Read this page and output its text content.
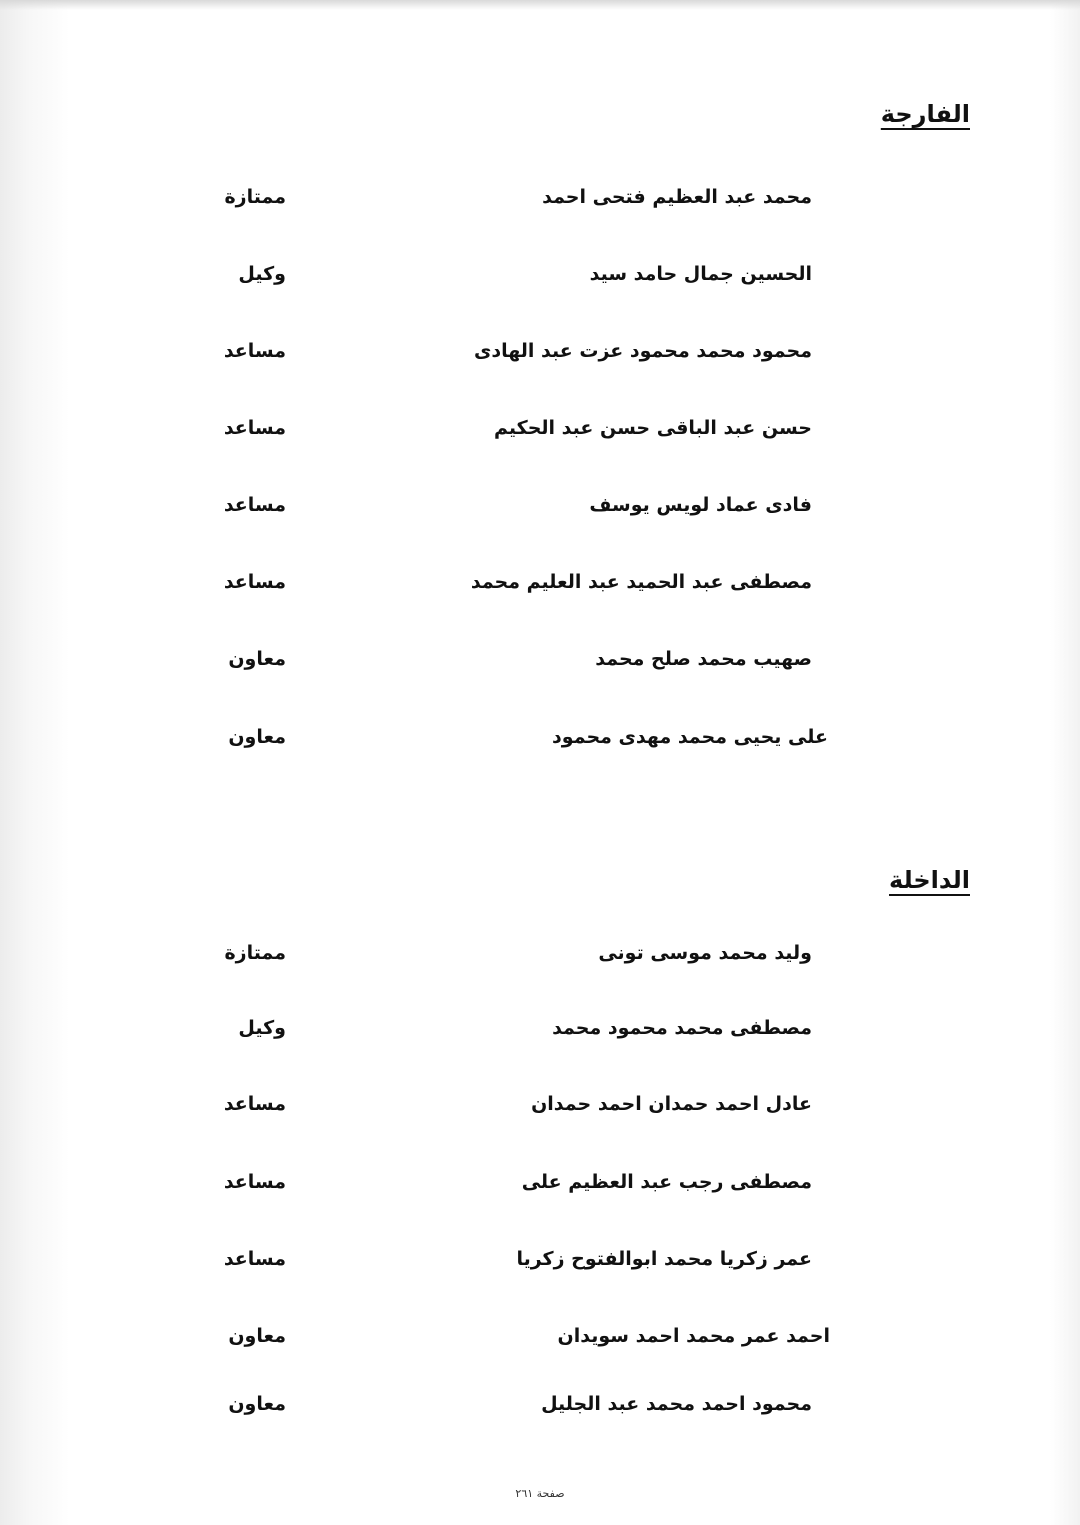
الفارجة
محمد عبد العظيم فتحى احمد
ممتازة
الحسين جمال حامد سيد
وكيل
محمود محمد محمود عزت عبد الهادى
مساعد
حسن عبد الباقى حسن عبد الحكيم
مساعد
فادى عماد لويس يوسف
مساعد
مصطفى عبد الحميد عبد العليم محمد
مساعد
صهيب محمد صلح محمد
معاون
على يحيى محمد مهدى محمود
معاون
الداخلة
وليد محمد موسى تونى
ممتازة
مصطفى محمد محمود محمد
وكيل
عادل احمد حمدان احمد حمدان
مساعد
مصطفى رجب عبد العظيم على
مساعد
عمر زكريا محمد ابوالفتوح زكريا
مساعد
احمد عمر محمد احمد سويدان
معاون
محمود احمد محمد عبد الجليل
معاون
صفحة ٢٦١
